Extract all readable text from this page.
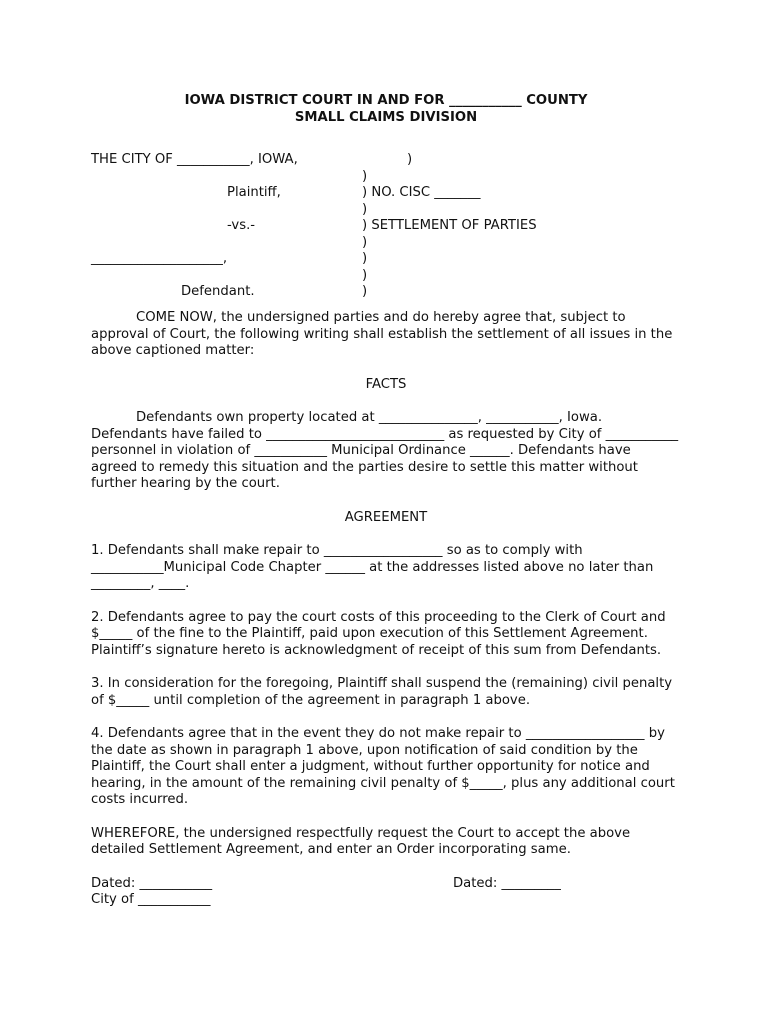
IOWA DISTRICT COURT IN AND FOR ___________ COUNTY

SMALL CLAIMS DIVISION

THE CITY OF ___________, IOWA,
Plaintiff,
-vs.-
____________________,
Defendant.
)
)
) NO. CISC _______
)
) SETTLEMENT OF PARTIES
)
)
)
)

COME NOW, the undersigned parties and do hereby agree that, subject to approval of Court, the following writing shall establish the settlement of all issues in the above captioned matter:

FACTS

Defendants own property located at _______________, ___________, Iowa. Defendants have failed to ___________________________ as requested by City of ___________ personnel in violation of ___________ Municipal Ordinance ______. Defendants have agreed to remedy this situation and the parties desire to settle this matter without further hearing by the court.

AGREEMENT

1. Defendants shall make repair to __________________ so as to comply with ___________Municipal Code Chapter ______ at the addresses listed above no later than _________, ____.

2. Defendants agree to pay the court costs of this proceeding to the Clerk of Court and $_____ of the fine to the Plaintiff, paid upon execution of this Settlement Agreement. Plaintiff’s signature hereto is acknowledgment of receipt of this sum from Defendants.

3. In consideration for the foregoing, Plaintiff shall suspend the (remaining) civil penalty of $_____ until completion of the agreement in paragraph 1 above.

4. Defendants agree that in the event they do not make repair to __________________ by the date as shown in paragraph 1 above, upon notification of said condition by the Plaintiff, the Court shall enter a judgment, without further opportunity for notice and hearing, in the amount of the remaining civil penalty of $_____, plus any additional court costs incurred.

WHEREFORE, the undersigned respectfully request the Court to accept the above detailed Settlement Agreement, and enter an Order incorporating same.

Dated: ___________
City of ___________
Dated: _________
